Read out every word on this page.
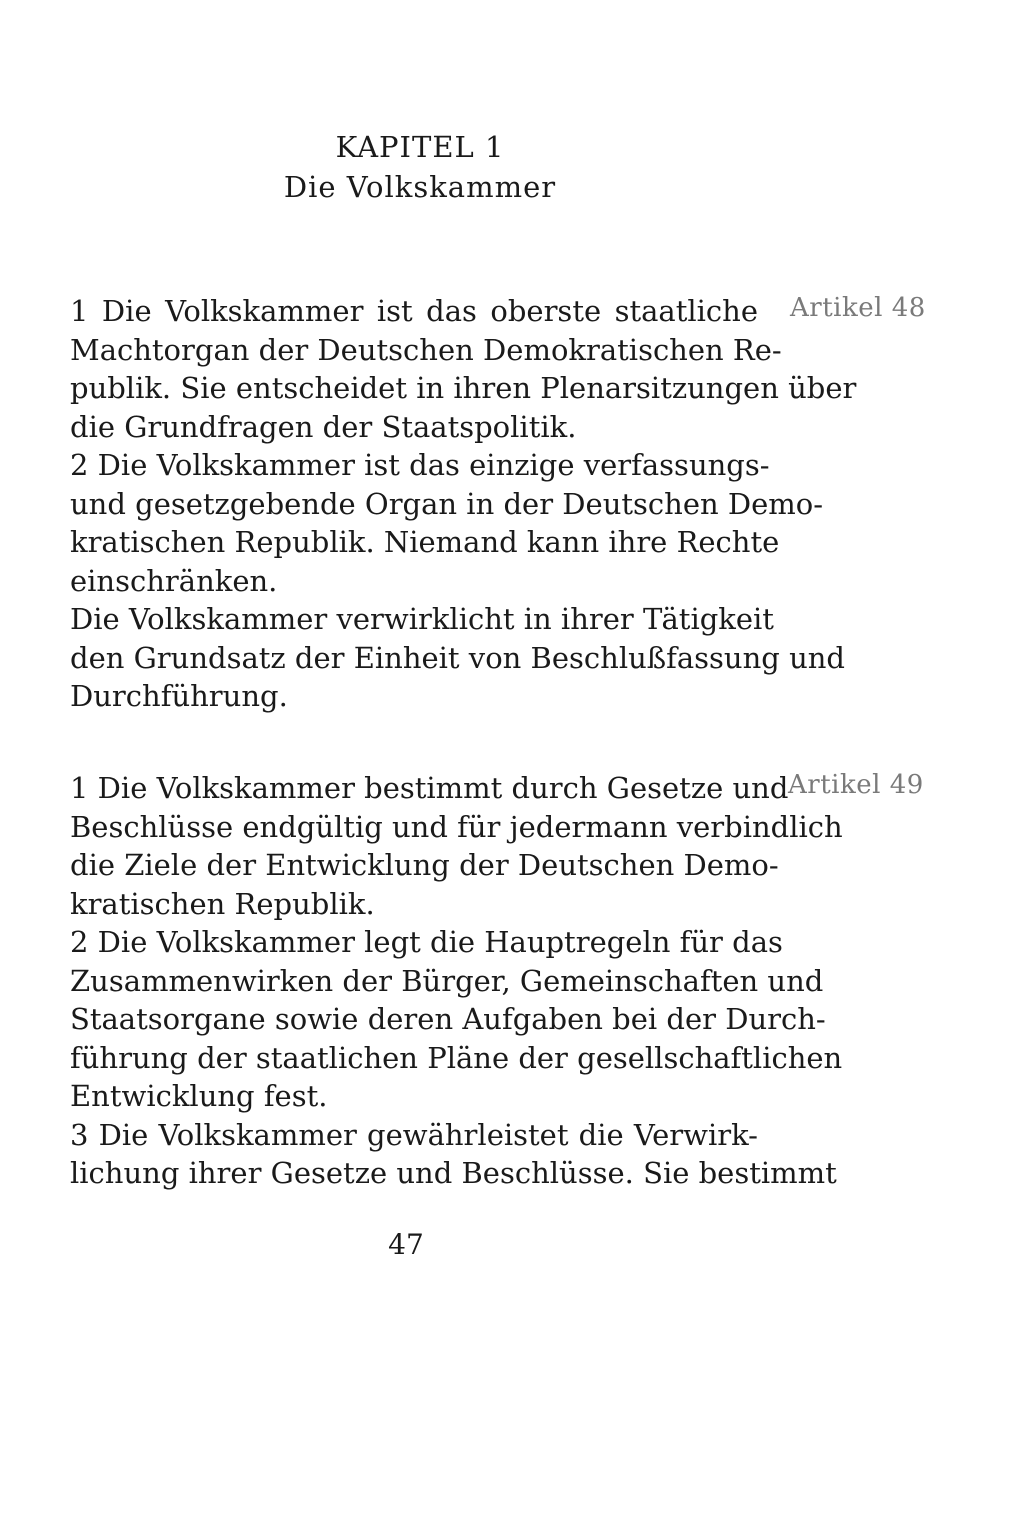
KAPITEL 1
Die Volkskammer
1 Die Volkskammer ist das oberste staatliche
Machtorgan der Deutschen Demokratischen Re-
publik. Sie entscheidet in ihren Plenarsitzungen über
die Grundfragen der Staatspolitik.
2 Die Volkskammer ist das einzige verfassungs-
und gesetzgebende Organ in der Deutschen Demo-
kratischen Republik. Niemand kann ihre Rechte
einschränken.
Die Volkskammer verwirklicht in ihrer Tätigkeit
den Grundsatz der Einheit von Beschlußfassung und
Durchführung.
Artikel 48
1 Die Volkskammer bestimmt durch Gesetze und
Beschlüsse endgültig und für jedermann verbindlich
die Ziele der Entwicklung der Deutschen Demo-
kratischen Republik.
2 Die Volkskammer legt die Hauptregeln für das
Zusammenwirken der Bürger, Gemeinschaften und
Staatsorgane sowie deren Aufgaben bei der Durch-
führung der staatlichen Pläne der gesellschaftlichen
Entwicklung fest.
3 Die Volkskammer gewährleistet die Verwirk-
lichung ihrer Gesetze und Beschlüsse. Sie bestimmt
Artikel 49
47
